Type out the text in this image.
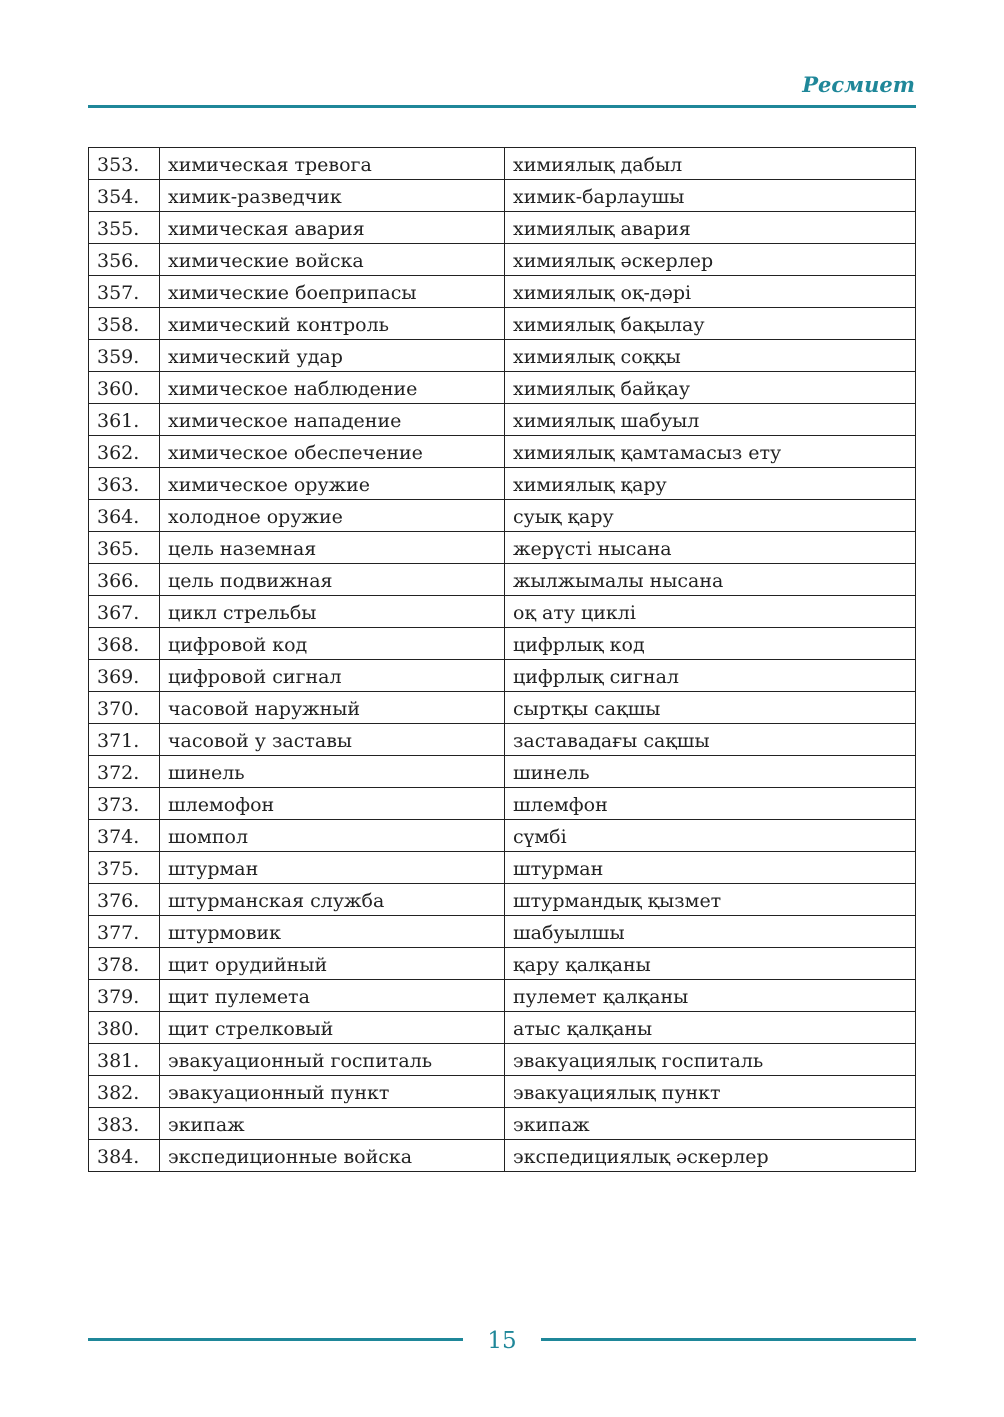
Ресмиет
353.	химическая тревога	химиялық дабыл
354.	химик-разведчик	химик-барлаушы
355.	химическая авария	химиялық авария
356.	химические войска	химиялық әскерлер
357.	химические боеприпасы	химиялық оқ-дәрі
358.	химический контроль	химиялық бақылау
359.	химический удар	химиялық соққы
360.	химическое наблюдение	химиялық байқау
361.	химическое нападение	химиялық шабуыл
362.	химическое обеспечение	химиялық қамтамасыз ету
363.	химическое оружие	химиялық қару
364.	холодное оружие	суық қару
365.	цель наземная	жерүсті нысана
366.	цель подвижная	жылжымалы нысана
367.	цикл стрельбы	оқ ату циклі
368.	цифровой код	цифрлық код
369.	цифровой сигнал	цифрлық сигнал
370.	часовой наружный	сыртқы сақшы
371.	часовой у заставы	заставадағы сақшы
372.	шинель	шинель
373.	шлемофон	шлемфон
374.	шомпол	сүмбі
375.	штурман	штурман
376.	штурманская служба	штурмандық қызмет
377.	штурмовик	шабуылшы
378.	щит орудийный	қару қалқаны
379.	щит пулемета	пулемет қалқаны
380.	щит стрелковый	атыс қалқаны
381.	эвакуационный госпиталь	эвакуациялық госпиталь
382.	эвакуационный пункт	эвакуациялық пункт
383.	экипаж	экипаж
384.	экспедиционные войска	экспедициялық әскерлер
15
